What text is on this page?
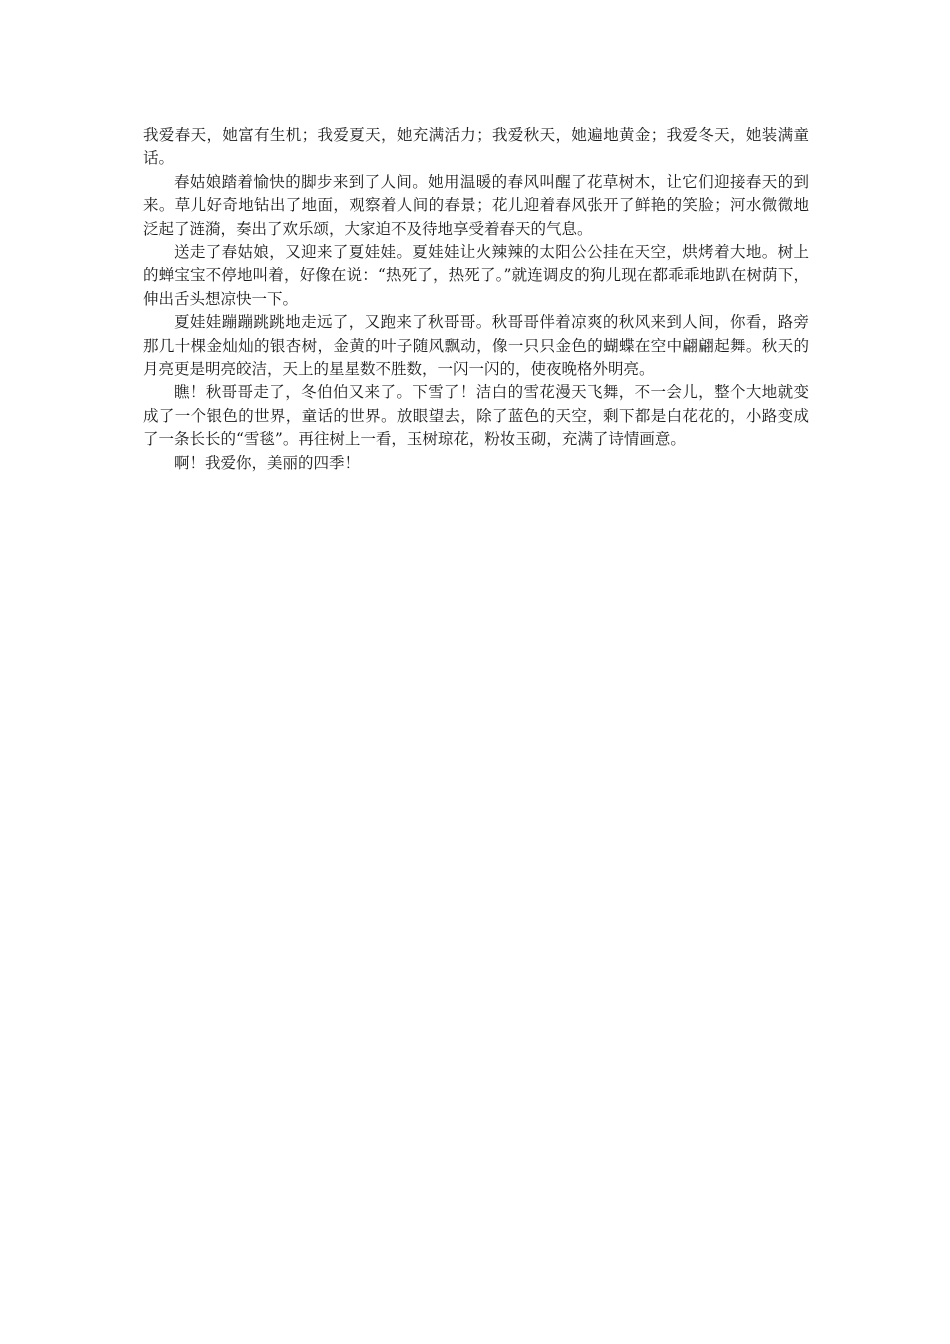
我爱春天，她富有生机；我爱夏天，她充满活力；我爱秋天，她遍地黄金；我爱冬天，她装满童话。

春姑娘踏着愉快的脚步来到了人间。她用温暖的春风叫醒了花草树木，让它们迎接春天的到来。草儿好奇地钻出了地面，观察着人间的春景；花儿迎着春风张开了鲜艳的笑脸；河水微微地泛起了涟漪，奏出了欢乐颂，大家迫不及待地享受着春天的气息。

送走了春姑娘，又迎来了夏娃娃。夏娃娃让火辣辣的太阳公公挂在天空，烘烤着大地。树上的蝉宝宝不停地叫着，好像在说：“热死了，热死了。”就连调皮的狗儿现在都乖乖地趴在树荫下，伸出舌头想凉快一下。

夏娃娃蹦蹦跳跳地走远了，又跑来了秋哥哥。秋哥哥伴着凉爽的秋风来到人间，你看，路旁那几十棵金灿灿的银杏树，金黄的叶子随风飘动，像一只只金色的蝴蝶在空中翩翩起舞。秋天的月亮更是明亮皎洁，天上的星星数不胜数，一闪一闪的，使夜晚格外明亮。

瞧！秋哥哥走了，冬伯伯又来了。下雪了！洁白的雪花漫天飞舞，不一会儿，整个大地就变成了一个银色的世界，童话的世界。放眼望去，除了蓝色的天空，剩下都是白花花的，小路变成了一条长长的“雪毯”。再往树上一看，玉树琼花，粉妆玉砌，充满了诗情画意。

啊！我爱你，美丽的四季！
